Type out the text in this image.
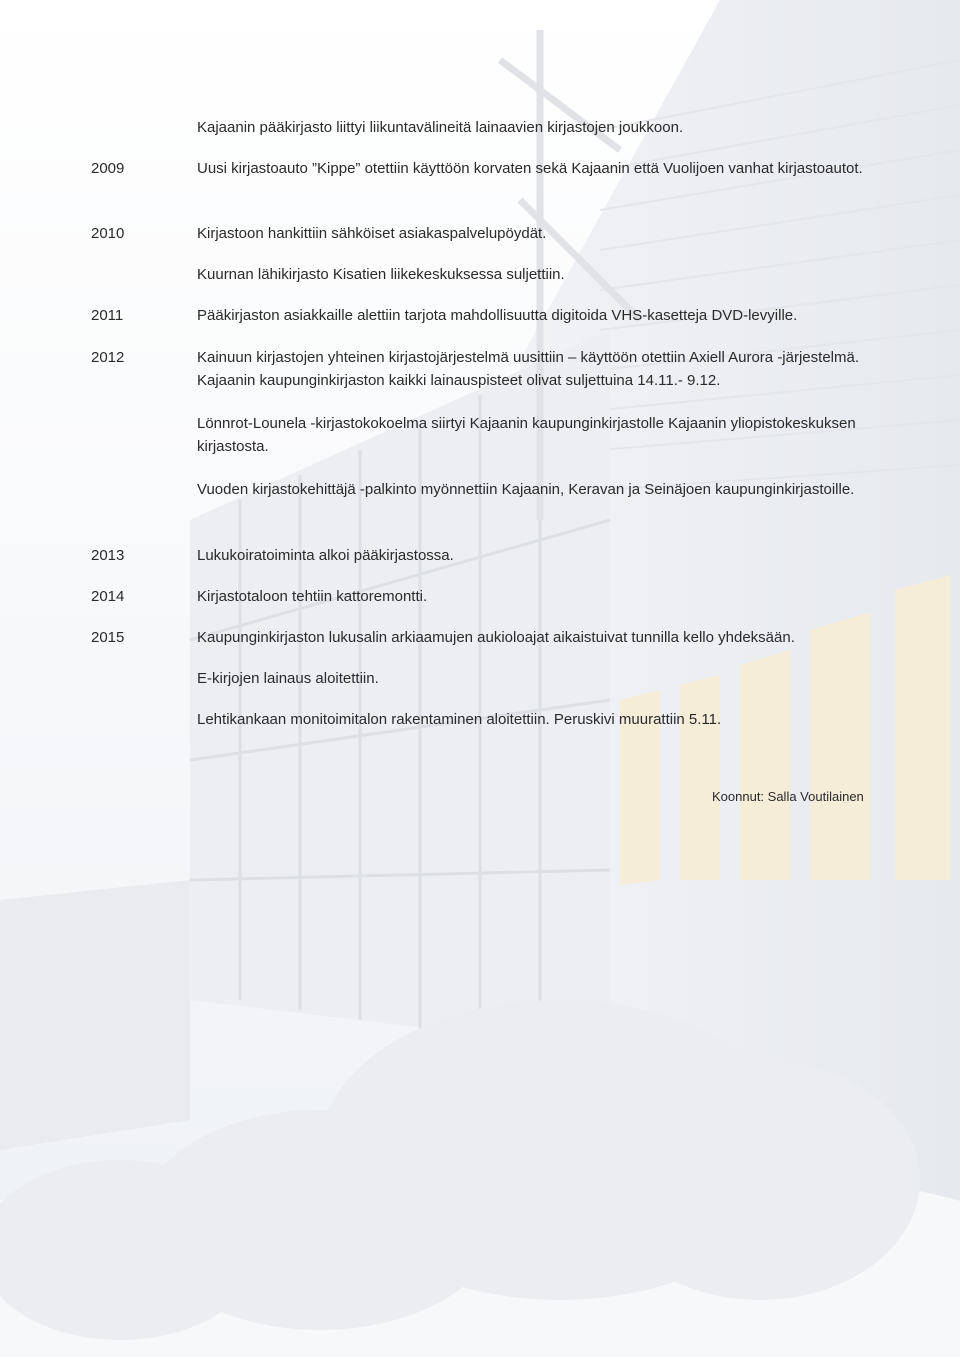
Kajaanin pääkirjasto liittyi liikuntavälineitä lainaavien kirjastojen joukkoon.
2009	Uusi kirjastoauto ”Kippe” otettiin käyttöön korvaten sekä Kajaanin että Vuolijoen vanhat kirjastoautot.
2010	Kirjastoon hankittiin sähköiset asiakaspalvelupöydät.
Kuurnan lähikirjasto Kisatien liikekeskuksessa suljettiin.
2011	Pääkirjaston asiakkaille alettiin tarjota mahdollisuutta digitoida VHS-kasetteja DVD-levyille.
2012	Kainuun kirjastojen yhteinen kirjastojärjestelmä uusittiin – käyttöön otettiin Axiell Aurora -järjestelmä. Kajaanin kaupunginkirjaston kaikki lainauspisteet olivat suljettuina 14.11.- 9.12.
Lönnrot-Lounela -kirjastokokoelma siirtyi Kajaanin kaupunginkirjastolle Kajaanin yliopistokeskuksen kirjastosta.
Vuoden kirjastokehittäjä -palkinto myönnettiin Kajaanin, Keravan ja Seinäjoen kaupunginkirjastoille.
2013	Lukukoiratoiminta alkoi pääkirjastossa.
2014	Kirjastotaloon tehtiin kattoremontti.
2015	Kaupunginkirjaston lukusalin arkiaamujen aukioloajat aikaistuivat tunnilla kello yhdeksään.
E-kirjojen lainaus aloitettiin.
Lehtikankaan monitoimitalon rakentaminen aloitettiin. Peruskivi muurattiin 5.11.
Koonnut: Salla Voutilainen
